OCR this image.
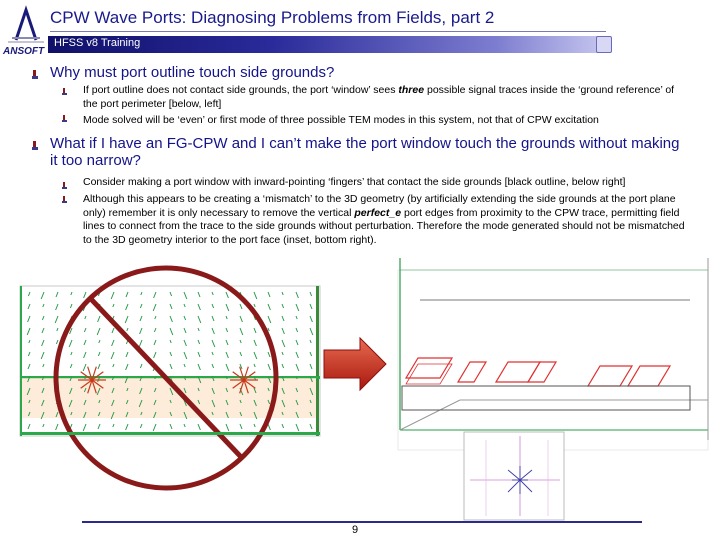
ANSOFT
CPW Wave Ports: Diagnosing Problems from Fields, part 2
HFSS v8 Training
Why must port outline touch side grounds?
If port outline does not contact side grounds, the port ‘window’ sees three possible signal traces inside the ‘ground reference’ of the port perimeter [below, left]
Mode solved will be ‘even’ or first mode of three possible TEM modes in this system, not that of CPW excitation
What if I have an FG-CPW and I can’t make the port window touch the grounds without making it too narrow?
Consider making a port window with inward-pointing ‘fingers’ that contact the side grounds [black outline, below right]
Although this appears to be creating a ‘mismatch’ to the 3D geometry (by artificially extending the side grounds at the port plane only) remember it is only necessary to remove the vertical perfect_e port edges from proximity to the CPW trace, permitting field lines to connect from the trace to the side grounds without perturbation. Therefore the mode generated should not be mismatched to the 3D geometry interior to the port face (inset, bottom right).
9
